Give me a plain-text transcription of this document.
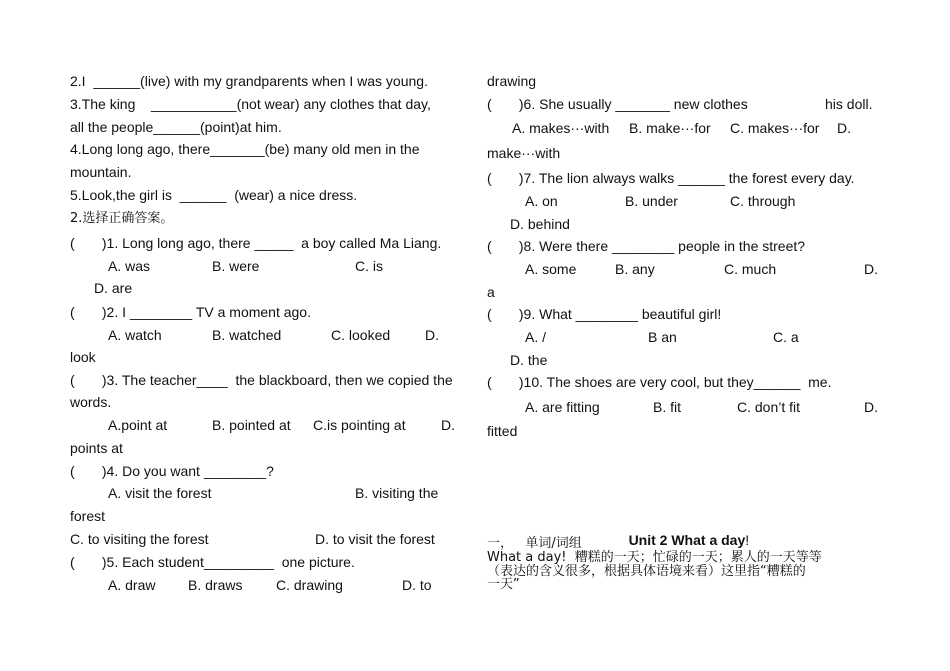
2.I  ______(live) with my grandparents when I was young.

3.The king    ___________(not wear) any clothes that day,

all the people______(point)at him.

4.Long long ago, there_______(be) many old men in the

mountain.

5.Look,the girl is  ______  (wear) a nice dress.

2.选择正确答案。

(       )1. Long long ago, there _____  a boy called Ma Liang.

A. was	B. were	C. is

D. are

(       )2. I ________ TV a moment ago.

A. watch	B. watched	C. looked D.

look

(       )3. The teacher____  the blackboard, then we copied the

words.

A.point at	B. pointed at C.is pointing at	D.

points at

(       )4. Do you want ________?

A. visit the forest	B. visiting the

forest

C. to visiting the forest	D. to visit the forest

(       )5. Each student_________  one picture.

A. draw B. draws C. drawing	D. to

drawing

(       )6. She usually _______ new clothes	his doll.

A. makes···with B. make···for C. makes···for D.

make···with

(       )7. The lion always walks ______ the forest every day.

A. on	B. under	C. through

D. behind

(       )8. Were there ________ people in the street?

A. some	B. any	C. much	D.

a

(       )9. What ________ beautiful girl!

A. /	B an	C. a

D. the

(       )10. The shoes are very cool, but they______  me.

A. are fitting	B. fit	C. don’t fit	D.

fitted

Unit 2 What a day!

一，   单词/词组

What a day!  糟糕的一天；忙碌的一天；累人的一天等等

（表达的含义很多，根据具体语境来看）这里指“糟糕的

一天”
